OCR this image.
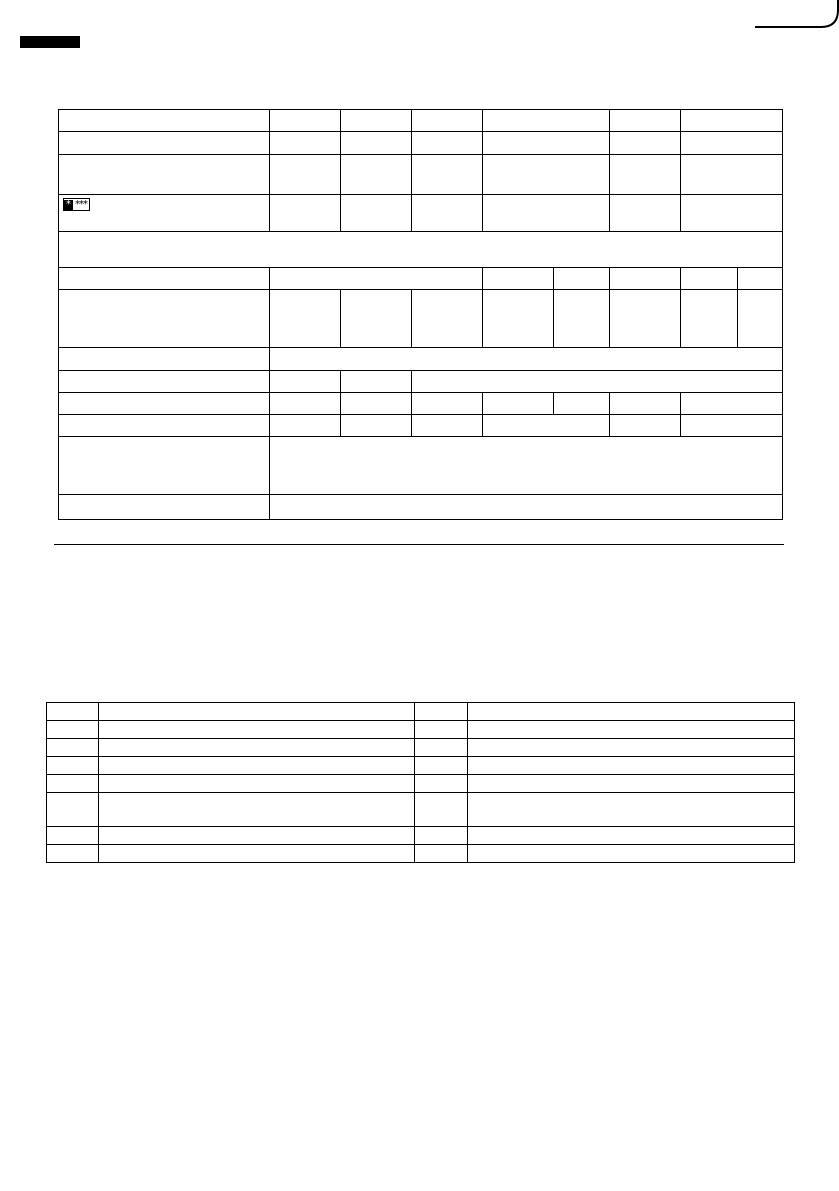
* ***								
